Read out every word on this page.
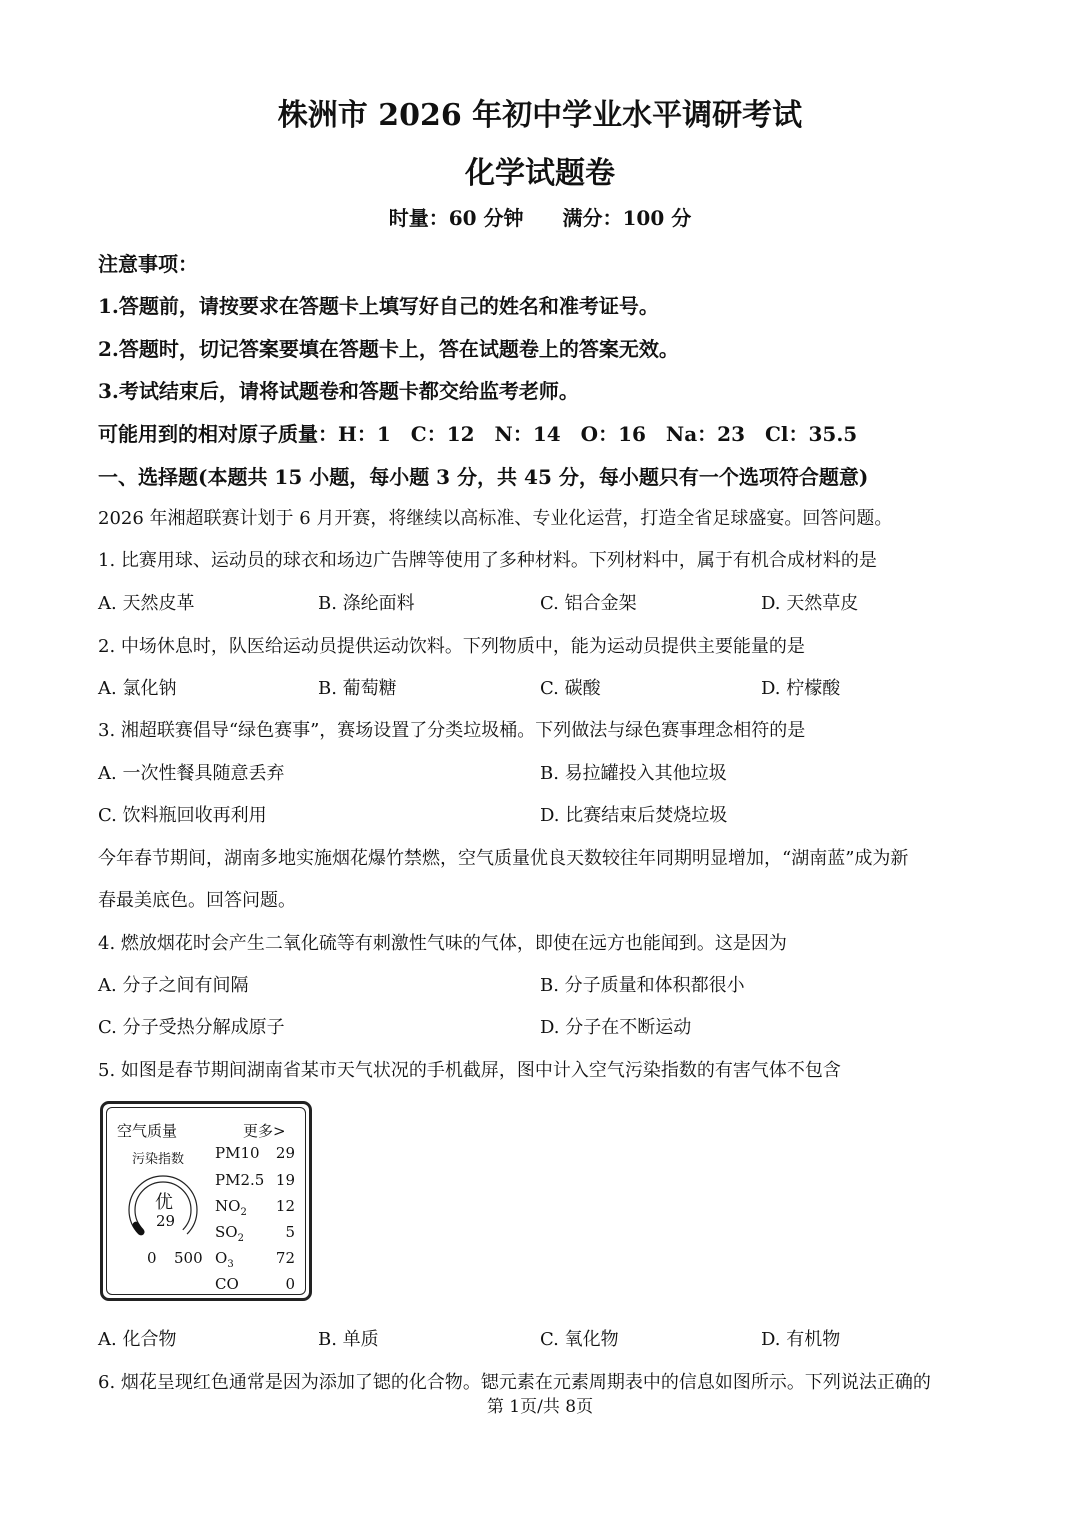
株洲市 2026 年初中学业水平调研考试
化学试题卷
时量：60 分钟 满分：100 分
注意事项：
1.答题前，请按要求在答题卡上填写好自己的姓名和准考证号。
2.答题时，切记答案要填在答题卡上，答在试题卷上的答案无效。
3.考试结束后，请将试题卷和答题卡都交给监考老师。
可能用到的相对原子质量：H：1　C：12　N：14　O：16　Na：23　Cl：35.5
一、选择题(本题共 15 小题，每小题 3 分，共 45 分，每小题只有一个选项符合题意)
2026 年湘超联赛计划于 6 月开赛，将继续以高标准、专业化运营，打造全省足球盛宴。回答问题。
1. 比赛用球、运动员的球衣和场边广告牌等使用了多种材料。下列材料中，属于有机合成材料的是
A. 天然皮革	B. 涤纶面料	C. 铝合金架	D. 天然草皮
2. 中场休息时，队医给运动员提供运动饮料。下列物质中，能为运动员提供主要能量的是
A. 氯化钠	B. 葡萄糖	C. 碳酸	D. 柠檬酸
3. 湘超联赛倡导“绿色赛事”，赛场设置了分类垃圾桶。下列做法与绿色赛事理念相符的是
A. 一次性餐具随意丢弃	B. 易拉罐投入其他垃圾
C. 饮料瓶回收再利用	D. 比赛结束后焚烧垃圾
今年春节期间，湖南多地实施烟花爆竹禁燃，空气质量优良天数较往年同期明显增加，“湖南蓝”成为新
春最美底色。回答问题。
4. 燃放烟花时会产生二氧化硫等有刺激性气味的气体，即使在远方也能闻到。这是因为
A. 分子之间有间隔	B. 分子质量和体积都很小
C. 分子受热分解成原子	D. 分子在不断运动
5. 如图是春节期间湖南省某市天气状况的手机截屏，图中计入空气污染指数的有害气体不包含
空气质量	更多>
污染指数
优
29
0 500
PM10 29
PM2.5 19
$NO_2$ 12
$SO_2$	5
$O_3$	72
CO	0
A. 化合物	B. 单质	C. 氧化物	D. 有机物
6. 烟花呈现红色通常是因为添加了锶的化合物。锶元素在元素周期表中的信息如图所示。下列说法正确的
第 1页/共 8页
